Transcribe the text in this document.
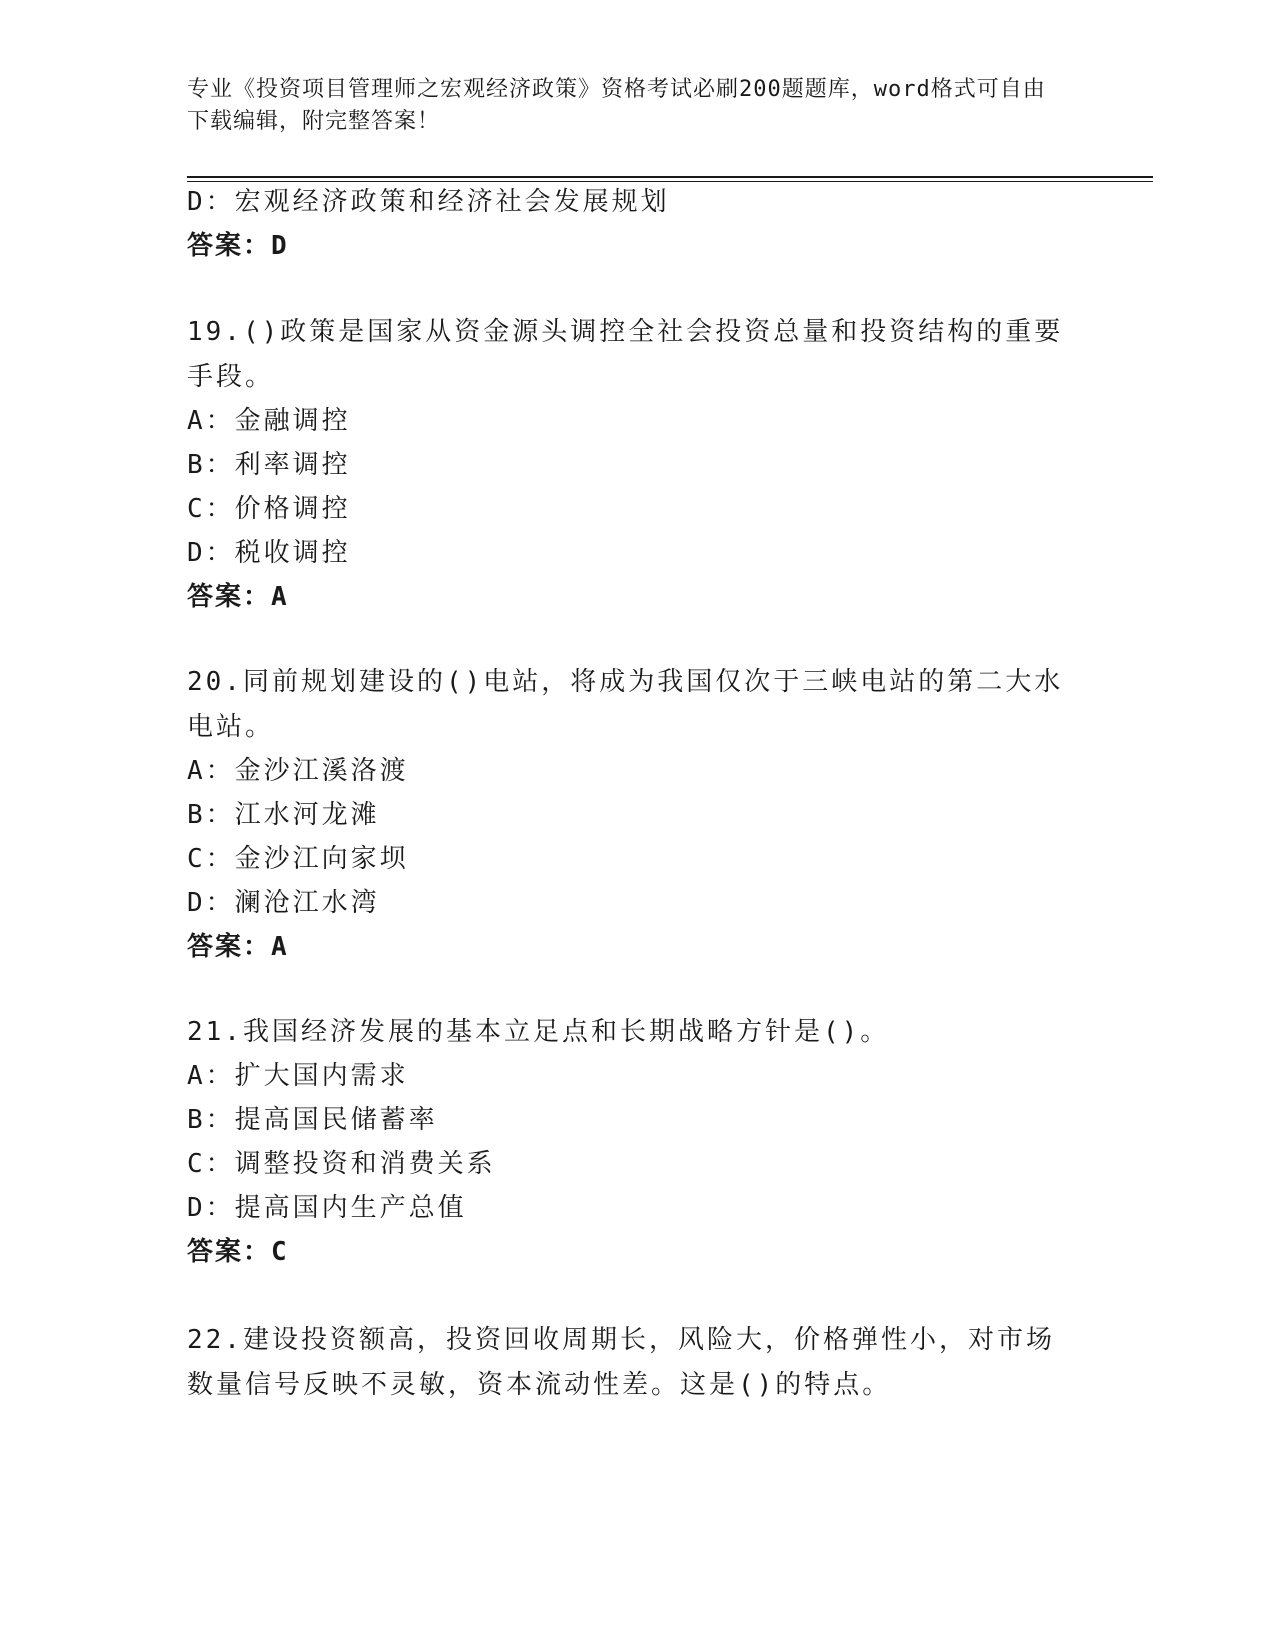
专业《投资项目管理师之宏观经济政策》资格考试必刷200题题库，word格式可自由下载编辑，附完整答案！
D：宏观经济政策和经济社会发展规划
答案：D
19.()政策是国家从资金源头调控全社会投资总量和投资结构的重要手段。
A：金融调控
B：利率调控
C：价格调控
D：税收调控
答案：A
20.同前规划建设的()电站，将成为我国仅次于三峡电站的第二大水电站。
A：金沙江溪洛渡
B：江水河龙滩
C：金沙江向家坝
D：澜沧江水湾
答案：A
21.我国经济发展的基本立足点和长期战略方针是()。
A：扩大国内需求
B：提高国民储蓄率
C：调整投资和消费关系
D：提高国内生产总值
答案：C
22.建设投资额高，投资回收周期长，风险大，价格弹性小，对市场数量信号反映不灵敏，资本流动性差。这是()的特点。
